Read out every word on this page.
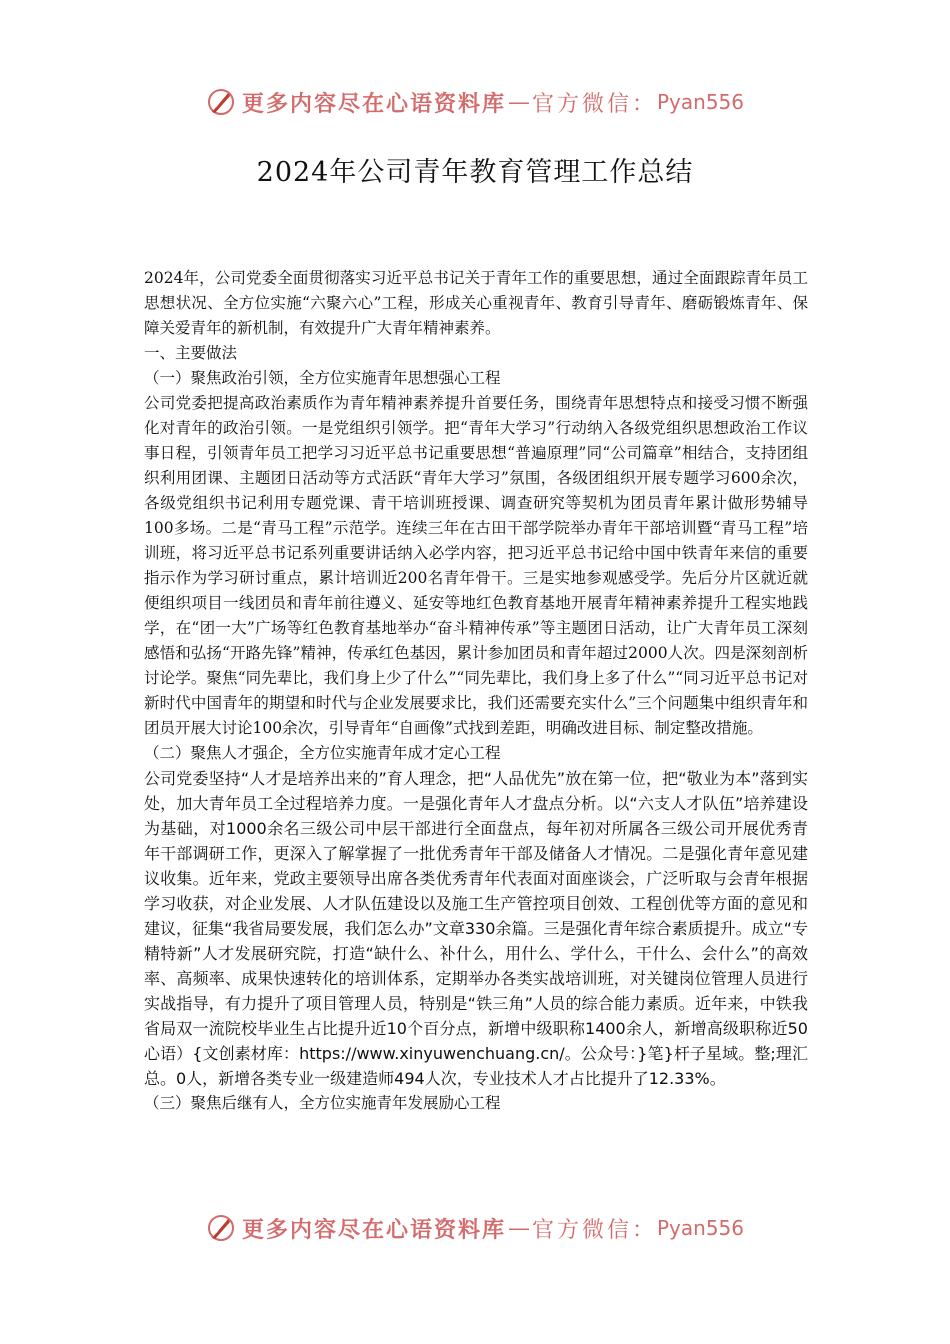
更多内容尽在心语资料库 — 官方微信： Pyan556
2024年公司青年教育管理工作总结

2024年，公司党委全面贯彻落实习近平总书记关于青年工作的重要思想，通过全面跟踪青年员工思想状况、全方位实施“六聚六心”工程，形成关心重视青年、教育引导青年、磨砺锻炼青年、保障关爱青年的新机制，有效提升广大青年精神素养。

一、主要做法

（一）聚焦政治引领，全方位实施青年思想强心工程

公司党委把提高政治素质作为青年精神素养提升首要任务，围绕青年思想特点和接受习惯不断强化对青年的政治引领。一是党组织引领学。把“青年大学习”行动纳入各级党组织思想政治工作议事日程，引领青年员工把学习习近平总书记重要思想“普遍原理”同“公司篇章”相结合，支持团组织利用团课、主题团日活动等方式活跃“青年大学习”氛围，各级团组织开展专题学习600余次，各级党组织书记利用专题党课、青干培训班授课、调查研究等契机为团员青年累计做形势辅导100多场。二是“青马工程”示范学。连续三年在古田干部学院举办青年干部培训暨“青马工程”培训班，将习近平总书记系列重要讲话纳入必学内容，把习近平总书记给中国中铁青年来信的重要指示作为学习研讨重点，累计培训近200名青年骨干。三是实地参观感受学。先后分片区就近就便组织项目一线团员和青年前往遵义、延安等地红色教育基地开展青年精神素养提升工程实地践学，在“团一大”广场等红色教育基地举办“奋斗精神传承”等主题团日活动，让广大青年员工深刻感悟和弘扬“开路先锋”精神，传承红色基因，累计参加团员和青年超过2000人次。四是深刻剖析讨论学。聚焦“同先辈比，我们身上少了什么”“同先辈比，我们身上多了什么”“同习近平总书记对新时代中国青年的期望和时代与企业发展要求比，我们还需要充实什么”三个问题集中组织青年和团员开展大讨论100余次，引导青年“自画像”式找到差距，明确改进目标、制定整改措施。

（二）聚焦人才强企，全方位实施青年成才定心工程

公司党委坚持“人才是培养出来的”育人理念，把“人品优先”放在第一位，把“敬业为本”落到实处，加大青年员工全过程培养力度。一是强化青年人才盘点分析。以“六支人才队伍”培养建设为基础，对1000余名三级公司中层干部进行全面盘点，每年初对所属各三级公司开展优秀青年干部调研工作，更深入了解掌握了一批优秀青年干部及储备人才情况。二是强化青年意见建议收集。近年来，党政主要领导出席各类优秀青年代表面对面座谈会，广泛听取与会青年根据学习收获，对企业发展、人才队伍建设以及施工生产管控项目创效、工程创优等方面的意见和建议，征集“我省局要发展，我们怎么办”文章330余篇。三是强化青年综合素质提升。成立“专精特新”人才发展研究院，打造“缺什么、补什么，用什么、学什么，干什么、会什么”的高效率、高频率、成果快速转化的培训体系，定期举办各类实战培训班，对关键岗位管理人员进行实战指导，有力提升了项目管理人员，特别是“铁三角”人员的综合能力素质。近年来，中铁我省局双一流院校毕业生占比提升近10个百分点，新增中级职称1400余人，新增高级职称近50心语）{文创素材库：https://www.xinyuwenchuang.cn/。公众号：}笔}杆子星域。整;理汇总。0人，新增各类专业一级建造师494人次，专业技术人才占比提升了12.33%。

（三）聚焦后继有人，全方位实施青年发展励心工程

更多内容尽在心语资料库 — 官方微信： Pyan556
